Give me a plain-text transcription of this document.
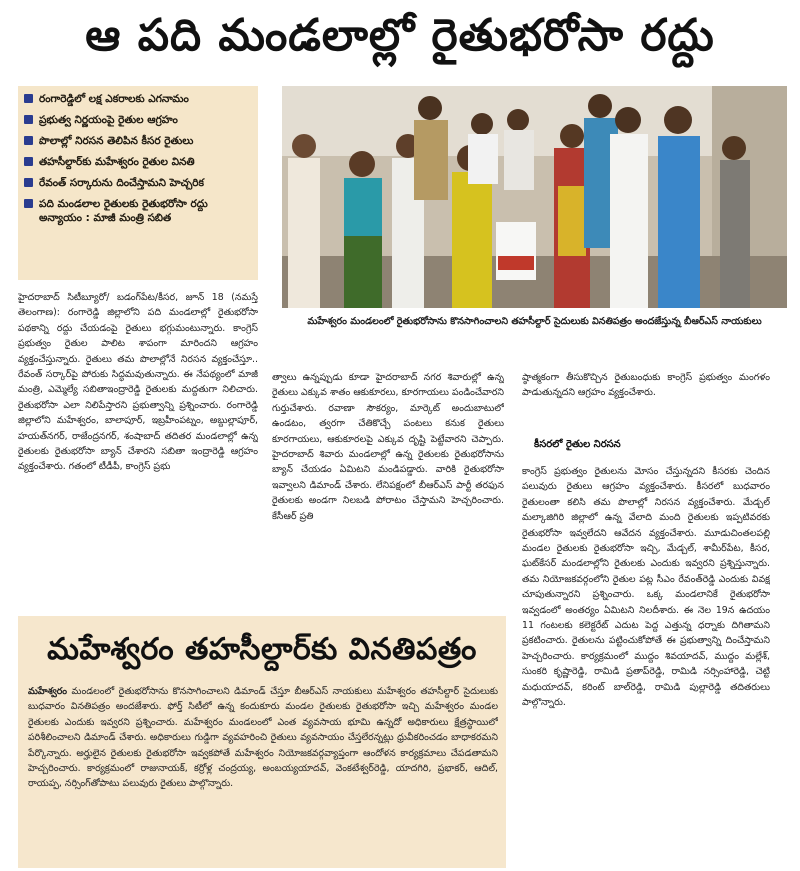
ఆ పది మండలాల్లో రైతుభరోసా రద్దు
రంగారెడ్డిలో లక్ష ఎకరాలకు ఎగనామం
ప్రభుత్వ నిర్ణయంపై రైతుల ఆగ్రహం
పొలాల్లో నిరసన తెలిపిన కీసర రైతులు
తహసీల్దార్‌కు మహేశ్వరం రైతుల వినతి
రేవంత్ సర్కారును దించేస్తామని హెచ్చరిక
పది మండలాల రైతులకు రైతుభరోసా రద్దు అన్యాయం : మాజీ మంత్రి సబిత
మహేశ్వరం మండలంలో రైతుభరోసాను కొనసాగించాలని తహసీల్దార్ సైదులుకు వినతిపత్రం అందజేస్తున్న బీఆర్‌ఎస్ నాయకులు
హైదరాబాద్ సిటీబ్యూరో/ బడంగ్‌పేట/కీసర, జూన్ 18 (నమస్తే తెలంగాణ): రంగారెడ్డి జిల్లాలోని పది మండలాల్లో రైతుభరోసా పథకాన్ని రద్దు చేయడంపై రైతులు భగ్గుమంటున్నారు. కాంగ్రెస్ ప్రభుత్వం రైతుల పాలిట శాపంగా మారిందని ఆగ్రహం వ్యక్తంచేస్తున్నారు. రైతులు తమ పొలాల్లోనే నిరసన వ్యక్తంచేస్తూ.. రేవంత్ సర్కార్‌పై పోరుకు సిద్ధమవుతున్నారు. ఈ నేపథ్యంలో మాజీ మంత్రి, ఎమ్మెల్యే సబితాఇంద్రారెడ్డి రైతులకు మద్దతుగా నిలిచారు. రైతుభరోసా ఎలా నిలిపేస్తారని ప్రభుత్వాన్ని ప్రశ్నించారు. రంగారెడ్డి జిల్లాలోని మహేశ్వరం, బాలాపూర్, ఇబ్రహీంపట్నం, అబ్దుల్లాపూర్, హయత్‌నగర్, రాజేంద్రనగర్, శంషాబాద్ తదితర మండలాల్లో ఉన్న రైతులకు రైతుభరోసా బ్యాన్ చేశారని సబితా ఇంద్రారెడ్డి ఆగ్రహం వ్యక్తంచేశారు. గతంలో టీడీపీ, కాంగ్రెస్ ప్రభు
త్వాలు ఉన్నప్పుడు కూడా హైదరాబాద్ నగర శివారుల్లో ఉన్న రైతులు ఎక్కువ శాతం ఆకుకూరలు, కూరగాయలు పండించేవారని గుర్తుచేశారు. రవాణా సౌకర్యం, మార్కెట్ అందుబాటులో ఉండటం, త్వరగా చేతికొచ్చే పంటలు కనుక రైతులు కూరగాయలు, ఆకుకూరలపై ఎక్కువ దృష్టి పెట్టేవారని చెప్పారు. హైదరాబాద్ శివారు మండలాల్లో ఉన్న రైతులకు రైతుభరోసాను బ్యాన్ చేయడం ఏమిటని మండిపడ్డారు. వారికి రైతుభరోసా ఇవ్వాలని డిమాండ్ చేశారు. లేనిపక్షంలో బీఆర్‌ఎస్ పార్టీ తరఫున రైతులకు అండగా నిలబడి పోరాటం చేస్తామని హెచ్చరించారు. కేసీఆర్ ప్రతి
ష్ఠాత్మకంగా తీసుకొచ్చిన రైతుబంధుకు కాంగ్రెస్ ప్రభుత్వం మంగళం పాడుతున్నదని ఆగ్రహం వ్యక్తంచేశారు.
కీసరలో రైతుల నిరసన
కాంగ్రెస్ ప్రభుత్వం రైతులను మోసం చేస్తున్నదని కీసరకు చెందిన పలువురు రైతులు ఆగ్రహం వ్యక్తంచేశారు. కీసరలో బుధవారం రైతులంతా కలిసి తమ పొలాల్లో నిరసన వ్యక్తంచేశారు. మేడ్చల్ మల్కాజిగిరి జిల్లాలో ఉన్న వేలాది మంది రైతులకు ఇప్పటివరకు రైతుభరోసా ఇవ్వలేదని ఆవేదన వ్యక్తంచేశారు. మూడుచింతలపల్లి మండల రైతులకు రైతుభరోసా ఇచ్చి, మేడ్చల్, శామీర్‌పేట, కీసర, ఘట్‌కేసర్ మండలాల్లోని రైతులకు ఎందుకు ఇవ్వరని ప్రశ్నిస్తున్నారు. తమ నియోజకవర్గంలోని రైతుల పట్ల సీఎం రేవంత్‌రెడ్డి ఎందుకు వివక్ష చూపుతున్నారని ప్రశ్నించారు. ఒక్క మండలానికే రైతుభరోసా ఇవ్వడంలో అంతర్యం ఏమిటని నిలదీశారు. ఈ నెల 19న ఉదయం 11 గంటలకు కలెక్టరేట్ ఎదుట పెద్ద ఎత్తున్న ధర్నాకు దిగితామని ప్రకటించారు. రైతులను పట్టించుకోపోతే ఈ ప్రభుత్వాన్ని దించేస్తామని హెచ్చరించారు. కార్యక్రమంలో ముద్దం శివయాదవ్, ముద్దం మల్లేశ్, సుంకరి కృష్ణారెడ్డి, రామిడి ప్రతాప్‌రెడ్డి, రామిడి నర్సింహారెడ్డి, చెట్టి మధుయాదవ్, కరింట్ బాల్‌రెడ్డి, రామిడి పుల్లారెడ్డి తదితరులు పాల్గొన్నారు.
మహేశ్వరం తహసీల్దార్‌కు వినతిపత్రం
మహేశ్వరం మండలంలో రైతుభరోసాను కొనసాగించాలని డిమాండ్ చేస్తూ బీఆర్‌ఎస్ నాయకులు మహేశ్వరం తహసీల్దార్ సైదులుకు బుధవారం వినతిపత్రం అందజేశారు. ఫోర్త్ సిటీలో ఉన్న కందుకూరు మండల రైతులకు రైతుభరోసా ఇచ్చి మహేశ్వరం మండల రైతులకు ఎందుకు ఇవ్వరని ప్రశ్నించారు. మహేశ్వరం మండలంలో ఎంత వ్యవసాయ భూమి ఉన్నదో అధికారులు క్షేత్రస్థాయిలో పరిశీలించాలని డిమాండ్ చేశారు. అధికారులు గుడ్డిగా వ్యవహరించి రైతులు వ్యవసాయం చేస్తలేరన్నట్లు ధ్రువీకరించడం బాధాకరమని పేర్కొన్నారు. అర్హులైన రైతులకు రైతుభరోసా ఇవ్వకపోతే మహేశ్వరం నియోజకవర్గవ్యాప్తంగా ఆందోళన కార్యక్రమాలు చేపడతామని హెచ్చరించారు. కార్యక్రమంలో రాజునాయక్, కర్రోళ్ల చంద్రయ్య, అంబయ్యయాదవ్, వెంకటేశ్వర్‌రెడ్డి, యాదగిరి, ప్రభాకర్, ఆదిల్, రాయప్ప, నర్సింగ్‌తోపాటు పలువురు రైతులు పాల్గొన్నారు.
